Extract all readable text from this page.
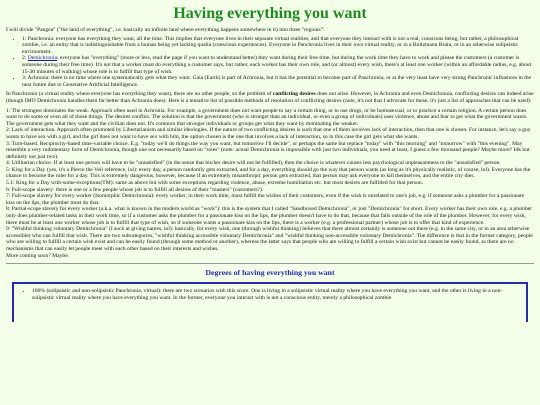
Having everything you want

I will divide "Pangea" ("the land of everything", i.e. basically an infinite land where everything happens somewhere in it) into three "regions":

• 1: Panchronia: everyone has everything they want, all the time. This implies that everyone lives in their separate virtual realities, and that everyone they interact with is not a real, conscious being, but rather, a philosophical zombie, i.e. an entity that is indistinguishable from a human being yet lacking qualia (conscious experiences). Everyone in Panchronia lives in their own virtual reality, or in a Boltzmann Brain, or in an otherwise solipsistic environment.
• 2: Demichronia: everyone has "everything" (more or less, read the page if you want to understand better) they want during their free time, but during the work time they have to work and please the customers (a customer is someone during their free time). It's not that a worker must do everything a customer says, but rather, each worker has their own role, and (or almost) every wish, there's at least one worker (within an affordable radius, e.g. about 15-30 minutes of walking) whose role is to fulfill that type of wish.
• 3: Achronia: there is no time where one systematically gets what they want. Gaia (Earth) is part of Achronia, but it has the potential to become part of Panchronia, or at the very least have very strong Panchronic influences in the near future due to Generative Artificial Intelligence.

In Panchronia (a virtual reality where everyone has everything they want), there are no other people, so the problem of conflicting desires does not arise. However, in Achronia and even Demichronia, conflicting desires can indeed arise (though IMO Demichronia handles them far better than Achronia does). Here is a tentative list of possible methods of resolution of conflicting desires (note, it's not that I advocate for these, it's just a list of approaches that can be used):

1: The strongest dominates the weak. Approach often used in Achronia. For example, a government does not want people to say a certain thing, or to use drugs, or be homosexual, or to practice a certain religion. A certain person does want to do some or even all of those things. The desires conflict. The solution is that the government (who is stronger than an individual, or even a group of individuals) uses violence, abuse and fear to get what the government wants. The government gets what they want and the civilian does not. It's common that stronger individuals or groups get what they want by dominating the weaker.

2: Lack of interaction. Approach often promoted by Libertarianism and similar ideologies. If the nature of two conflicting desires is such that one of them involves lack of interaction, then that one is chosen. For instance, let's say a guy wants to have sex with a girl, and the girl does not want to have sex with him, the option chosen is the one that involves a lack of interaction, so in this case the girl gets what she wants.

3: Turn-based. Reciprocity-based time-variable choice. E.g. "today we'll do things the way you want, but tomorrow I'll decide", or perhaps the same but replace "today" with "this morning" and "tomorrow" with "this evening". May resemble a very rudimentary form of Demichronia, though one not necessarily based on "roles" (note: actual Demichronia is impossible with just two individuals, you need at least, I guess a few thousand people? Maybe more? Idk but definitely not just two).

4: Utilitarian choice. If at least one person will have to be "unsatisfied" (in the sense that his/her desire will not be fulfilled), then the choice is whatever causes less psychological unpleasantness to the "unsatisfied" person.

5: King for a Day (yes, it's a Pierce the Veil reference, lol): every day, a person randomly gets extracted, and for a day, everything should go the way that person wants (as long as it's physically realistic, of course, lol). Everyone has the chance to become the ruler for a day. This is extremely dangerous, however, because if an extremely misanthropic person gets extracted, that person may ask everyone to kill themselves, and the entire city dies.

5.1: King for a Day with-some-exceptions(TM): same as above but with some exceptions regarding violence, abuse, extreme humiliation etc. but most desires are fulfilled for that person.

6: Full-scope slavery: there is one or a few people whose job is to fulfill all desires of their "masters" (customers?).

7: Full-scope slavery for every worker (Isomorphic Demichronia): every worker, in their work time, must fulfill the wishes of their customers, even if the wish is unrelated to one's job, e.g. if someone asks a plumber for a passionate kiss on the lips, the plumber must do that.

8: Partial-scope slavery for every worker (a.k.a. what is known in the modern world as "work"): this is the system that I called "Sandboxed Demichronia", or just "Demichronia" for short. Every worker has their own role, e.g. a plumber only does plumber-related tasks in their work time, so if a customer asks the plumber for a passionate kiss on the lips, the plumber doesn't have to do that, because that falls outside of the role of the plumber. However, for every wish, there must be at least one worker whose job is to fulfill that type of wish, so if someone wants a passionate kiss on the lips, there is a worker (e.g. a professional partner) whose job is to offer that kind of experience.

9: "Wishful thinking voluntary Demichronia" (I suck at giving names, lol): basically, for every wish, one (through wishful thinking) believes that there almost certainly is someone out there (e.g. in the same city, or in an area otherwise accessible) who can fulfill that wish. There are two subcategories, "wishful thinking accessible voluntary Demichronia" and "wishful thinking non-accessible voluntary Demichronia". The difference is that in the former category, people who are willing to fulfill a certain wish exist and can be easily found (through some method or another), whereas the latter says that people who are willing to fulfill a certain wish exist but cannot be easily found, as there are no mechanisms that can easily let people meet with each other based on their interests and wishes.

More coming soon? Maybe.

Degrees of having everything you want
• 100% (solipsistic and non-solipsistic Panchronia, virtual): there are two scenarios with this score. One is living in a solipsistic virtual reality where you have everything you want, and the other is living in a non-solipsistic virtual reality where you have everything you want. In the former, everyone you interact with is not a conscious entity, merely a philosophical zombie
